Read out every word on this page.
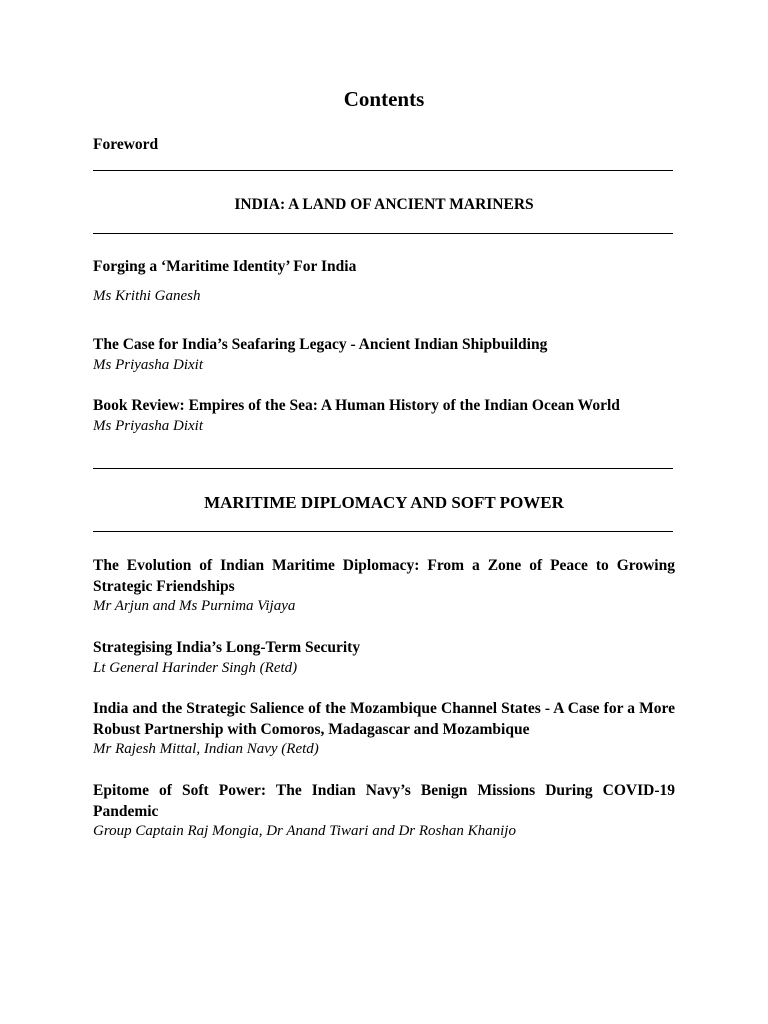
Contents
Foreword
INDIA: A LAND OF ANCIENT MARINERS
Forging a ‘Maritime Identity’ For India
Ms Krithi Ganesh
The Case for India’s Seafaring Legacy - Ancient Indian Shipbuilding
Ms Priyasha Dixit
Book Review: Empires of the Sea: A Human History of the Indian Ocean World
Ms Priyasha Dixit
MARITIME DIPLOMACY AND SOFT POWER
The Evolution of Indian Maritime Diplomacy: From a Zone of Peace to Growing Strategic Friendships
Mr Arjun and Ms Purnima Vijaya
Strategising India’s Long-Term Security
Lt General Harinder Singh (Retd)
India and the Strategic Salience of the Mozambique Channel States - A Case for a More Robust Partnership with Comoros, Madagascar and Mozambique
Mr Rajesh Mittal, Indian Navy (Retd)
Epitome of Soft Power: The Indian Navy’s Benign Missions During COVID-19 Pandemic
Group Captain Raj Mongia, Dr Anand Tiwari and Dr Roshan Khanijo
